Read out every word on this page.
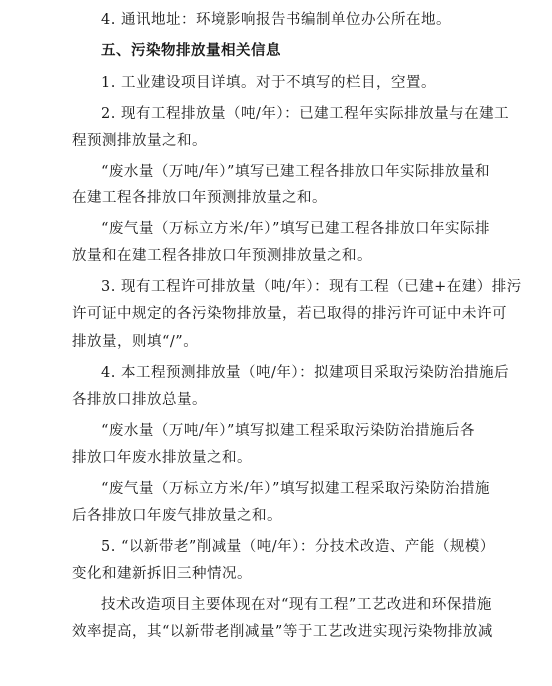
4. 通讯地址：环境影响报告书编制单位办公所在地。
五、污染物排放量相关信息
1. 工业建设项目详填。对于不填写的栏目，空置。
2. 现有工程排放量（吨/年）：已建工程年实际排放量与在建工
程预测排放量之和。
“废水量（万吨/年）”填写已建工程各排放口年实际排放量和
在建工程各排放口年预测排放量之和。
“废气量（万标立方米/年）”填写已建工程各排放口年实际排
放量和在建工程各排放口年预测排放量之和。
3. 现有工程许可排放量（吨/年）：现有工程（已建+在建）排污
许可证中规定的各污染物排放量，若已取得的排污许可证中未许可
排放量，则填“/”。
4. 本工程预测排放量（吨/年）：拟建项目采取污染防治措施后
各排放口排放总量。
“废水量（万吨/年）”填写拟建工程采取污染防治措施后各
排放口年废水排放量之和。
“废气量（万标立方米/年）”填写拟建工程采取污染防治措施
后各排放口年废气排放量之和。
5. “以新带老”削减量（吨/年）：分技术改造、产能（规模）
变化和建新拆旧三种情况。
技术改造项目主要体现在对“现有工程”工艺改进和环保措施
效率提高，其“以新带老削减量”等于工艺改进实现污染物排放减
